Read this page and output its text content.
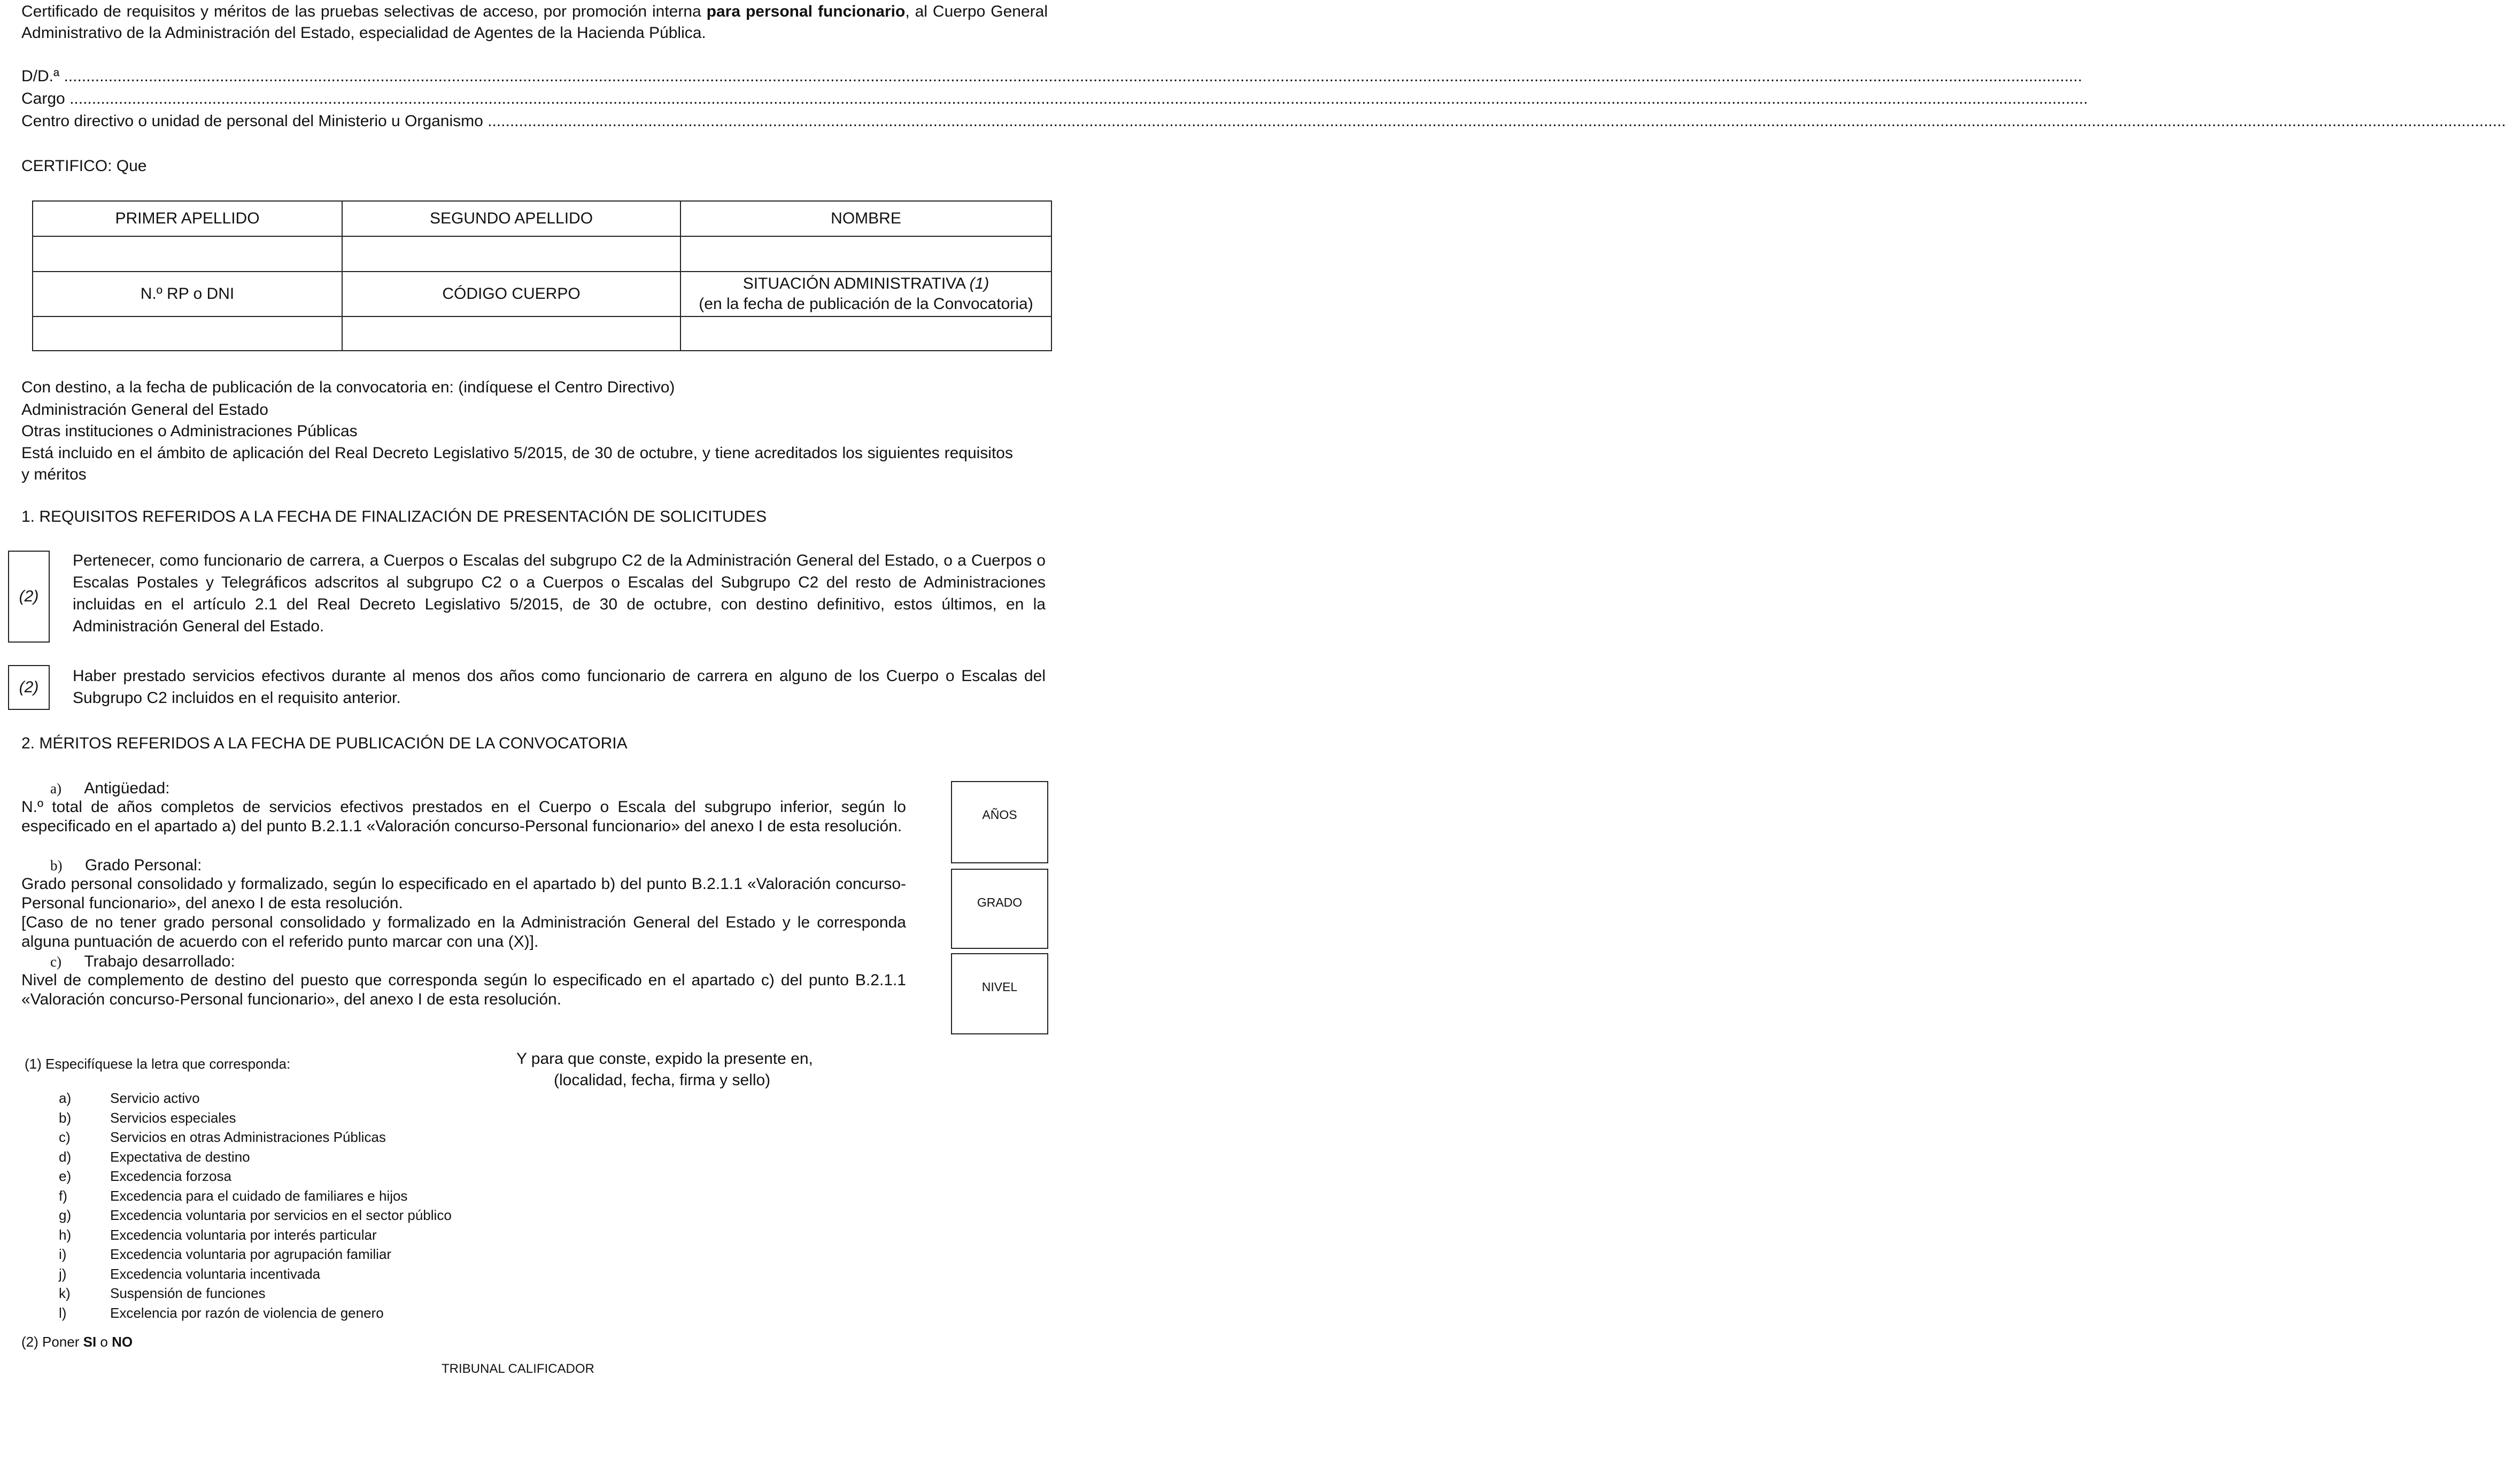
Certificado de requisitos y méritos de las pruebas selectivas de acceso, por promoción interna para personal funcionario, al Cuerpo General Administrativo de la Administración del Estado, especialidad de Agentes de la Hacienda Pública.
D/D.ª .....................................................................................................................................................................................................................................................................................................................................................................................................................................................................
Cargo .....................................................................................................................................................................................................................................................................................................................................................................................................................................................................
Centro directivo o unidad de personal del Ministerio u Organismo .....................................................................................................................................................................................................................................................................................................................................................................................................................................................................
CERTIFICO: Que
PRIMER APELLIDO	SEGUNDO APELLIDO	NOMBRE

N.º RP o DNI	CÓDIGO CUERPO	SITUACIÓN ADMINISTRATIVA (1)
(en la fecha de publicación de la Convocatoria)

Con destino, a la fecha de publicación de la convocatoria en: (indíquese el Centro Directivo)
Administración General del Estado
Otras instituciones o Administraciones Públicas
Está incluido en el ámbito de aplicación del Real Decreto Legislativo 5/2015, de 30 de octubre, y tiene acreditados los siguientes requisitos y méritos
1. REQUISITOS REFERIDOS A LA FECHA DE FINALIZACIÓN DE PRESENTACIÓN DE SOLICITUDES
(2)
Pertenecer, como funcionario de carrera, a Cuerpos o Escalas del subgrupo C2 de la Administración General del Estado, o a Cuerpos o Escalas Postales y Telegráficos adscritos al subgrupo C2 o a Cuerpos o Escalas del Subgrupo C2 del resto de Administraciones incluidas en el artículo 2.1 del Real Decreto Legislativo 5/2015, de 30 de octubre, con destino definitivo, estos últimos, en la Administración General del Estado.
(2)
Haber prestado servicios efectivos durante al menos dos años como funcionario de carrera en alguno de los Cuerpo o Escalas del Subgrupo C2 incluidos en el requisito anterior.
2. MÉRITOS REFERIDOS A LA FECHA DE PUBLICACIÓN DE LA CONVOCATORIA
a) Antigüedad:
N.º total de años completos de servicios efectivos prestados en el Cuerpo o Escala del subgrupo inferior, según lo especificado en el apartado a) del punto B.2.1.1 «Valoración concurso-Personal funcionario» del anexo I de esta resolución.
b) Grado Personal:
Grado personal consolidado y formalizado, según lo especificado en el apartado b) del punto B.2.1.1 «Valoración concurso-Personal funcionario», del anexo I de esta resolución.
[Caso de no tener grado personal consolidado y formalizado en la Administración General del Estado y le corresponda alguna puntuación de acuerdo con el referido punto marcar con una (X)].
c) Trabajo desarrollado:
Nivel de complemento de destino del puesto que corresponda según lo especificado en el apartado c) del punto B.2.1.1 «Valoración concurso-Personal funcionario», del anexo I de esta resolución.
AÑOS
GRADO
NIVEL
(1) Especifíquese la letra que corresponda:
a)	Servicio activo
b)	Servicios especiales
c)	Servicios en otras Administraciones Públicas
d)	Expectativa de destino
e)	Excedencia forzosa
f)	Excedencia para el cuidado de familiares e hijos
g)	Excedencia voluntaria por servicios en el sector público
h)	Excedencia voluntaria por interés particular
i)	Excedencia voluntaria por agrupación familiar
j)	Excedencia voluntaria incentivada
k)	Suspensión de funciones
l)	Excelencia por razón de violencia de genero
(2) Poner SI o NO
Y para que conste, expido la presente en,
(localidad, fecha, firma y sello)
TRIBUNAL CALIFICADOR
